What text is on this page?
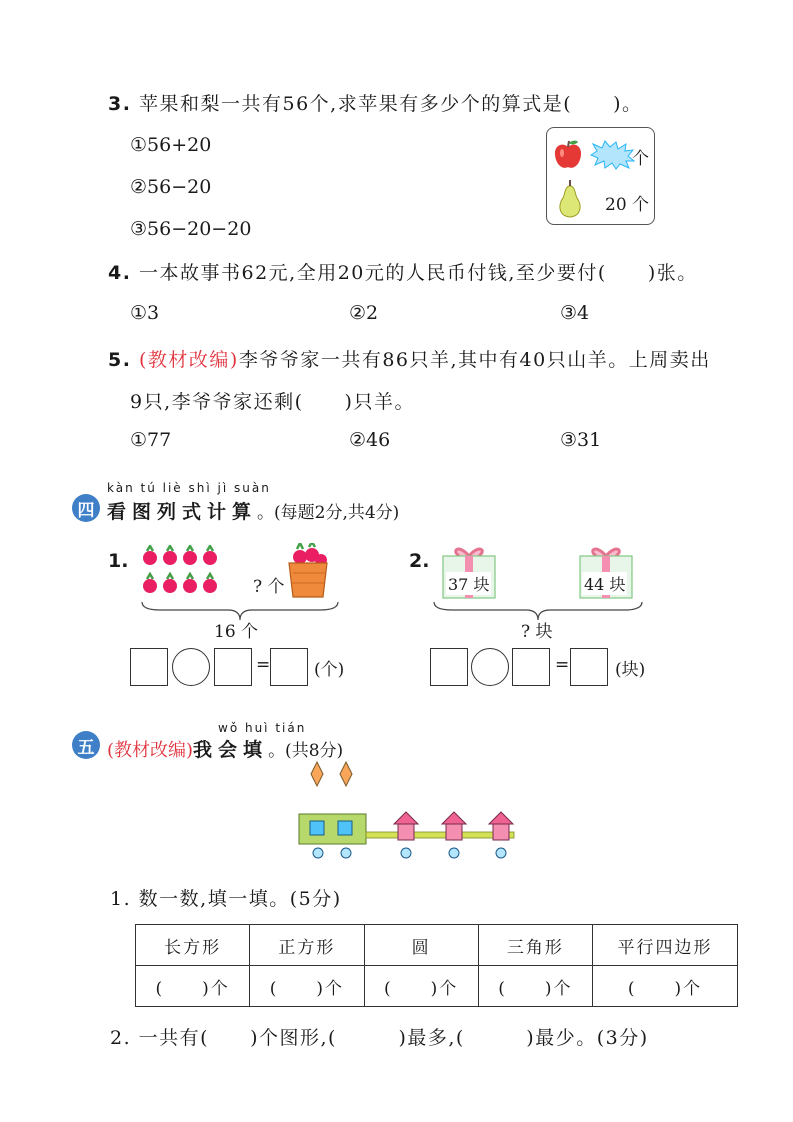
3. 苹果和梨一共有56个,求苹果有多少个的算式是(　　)。
①56+20
②56−20
③56−20−20
个
20 个
4. 一本故事书62元,全用20元的人民币付钱,至少要付(　　)张。
①3	②2	③4
5. (教材改编)李爷爷家一共有86只羊,其中有40只山羊。上周卖出
9只,李爷爷家还剩(　　)只羊。
①77	②46	③31
kàn tú liè shì jì suàn
四 看图列式计算。(每题2分,共4分)
1.
? 个
16 个
=	(个)
2.
37 块	44 块
? 块
=	(块)
wǒ huì tián
五 (教材改编)我会填。(共8分)
1. 数一数,填一填。(5分)
长方形	正方形	圆	三角形	平行四边形
(　　)个	(　　)个	(　　)个	(　　)个	(　　)个
2. 一共有(　　)个图形,(　　　)最多,(　　　)最少。(3分)
